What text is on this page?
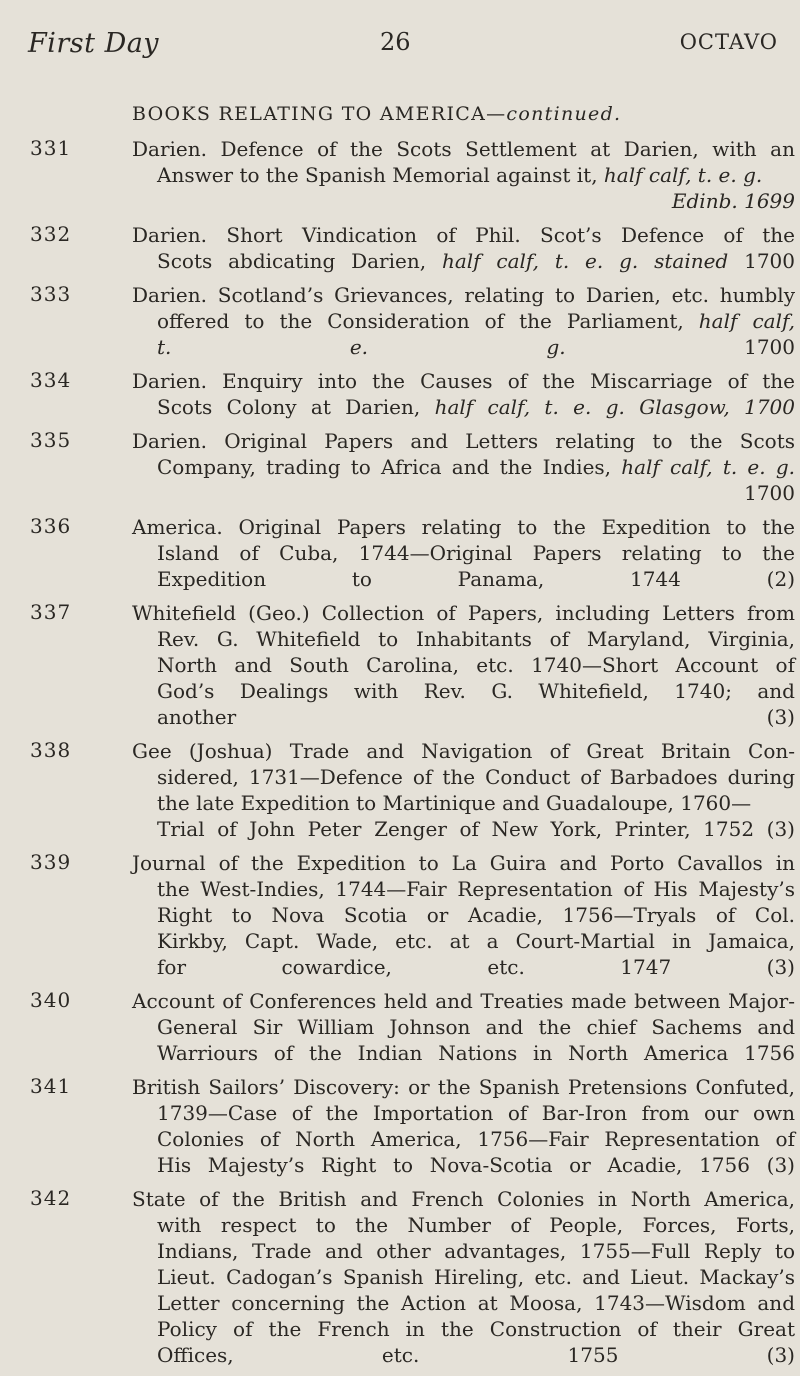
First Day	26	OCTAVO
BOOKS RELATING TO AMERICA—continued.
331	Darien. Defence of the Scots Settlement at Darien, with an
Answer to the Spanish Memorial against it, half calf, t. e. g.
Edinb. 1699
332	Darien. Short Vindication of Phil. Scot’s Defence of the
Scots abdicating Darien, half calf, t. e. g. stained 1700
333	Darien. Scotland’s Grievances, relating to Darien, etc. humbly
offered to the Consideration of the Parliament, half calf,
t. e. g.	1700
334	Darien. Enquiry into the Causes of the Miscarriage of the
Scots Colony at Darien, half calf, t. e. g. Glasgow, 1700
335	Darien. Original Papers and Letters relating to the Scots
Company, trading to Africa and the Indies, half calf, t. e. g.
1700
336	America. Original Papers relating to the Expedition to the
Island of Cuba, 1744—Original Papers relating to the
Expedition to Panama, 1744	(2)
337	Whitefield (Geo.) Collection of Papers, including Letters from
Rev. G. Whitefield to Inhabitants of Maryland, Virginia,
North and South Carolina, etc. 1740—Short Account of
God’s Dealings with Rev. G. Whitefield, 1740; and
another	(3)
338	Gee (Joshua) Trade and Navigation of Great Britain Con-
sidered, 1731—Defence of the Conduct of Barbadoes during
the late Expedition to Martinique and Guadaloupe, 1760—
Trial of John Peter Zenger of New York, Printer, 1752 (3)
339	Journal of the Expedition to La Guira and Porto Cavallos in
the West-Indies, 1744—Fair Representation of His Majesty’s
Right to Nova Scotia or Acadie, 1756—Tryals of Col.
Kirkby, Capt. Wade, etc. at a Court-Martial in Jamaica,
for cowardice, etc. 1747	(3)
340	Account of Conferences held and Treaties made between Major-
General Sir William Johnson and the chief Sachems and
Warriours of the Indian Nations in North America 1756
341	British Sailors’ Discovery: or the Spanish Pretensions Confuted,
1739—Case of the Importation of Bar-Iron from our own
Colonies of North America, 1756—Fair Representation of
His Majesty’s Right to Nova-Scotia or Acadie, 1756 (3)
342	State of the British and French Colonies in North America,
with respect to the Number of People, Forces, Forts,
Indians, Trade and other advantages, 1755—Full Reply to
Lieut. Cadogan’s Spanish Hireling, etc. and Lieut. Mackay’s
Letter concerning the Action at Moosa, 1743—Wisdom and
Policy of the French in the Construction of their Great
Offices, etc. 1755	(3)
